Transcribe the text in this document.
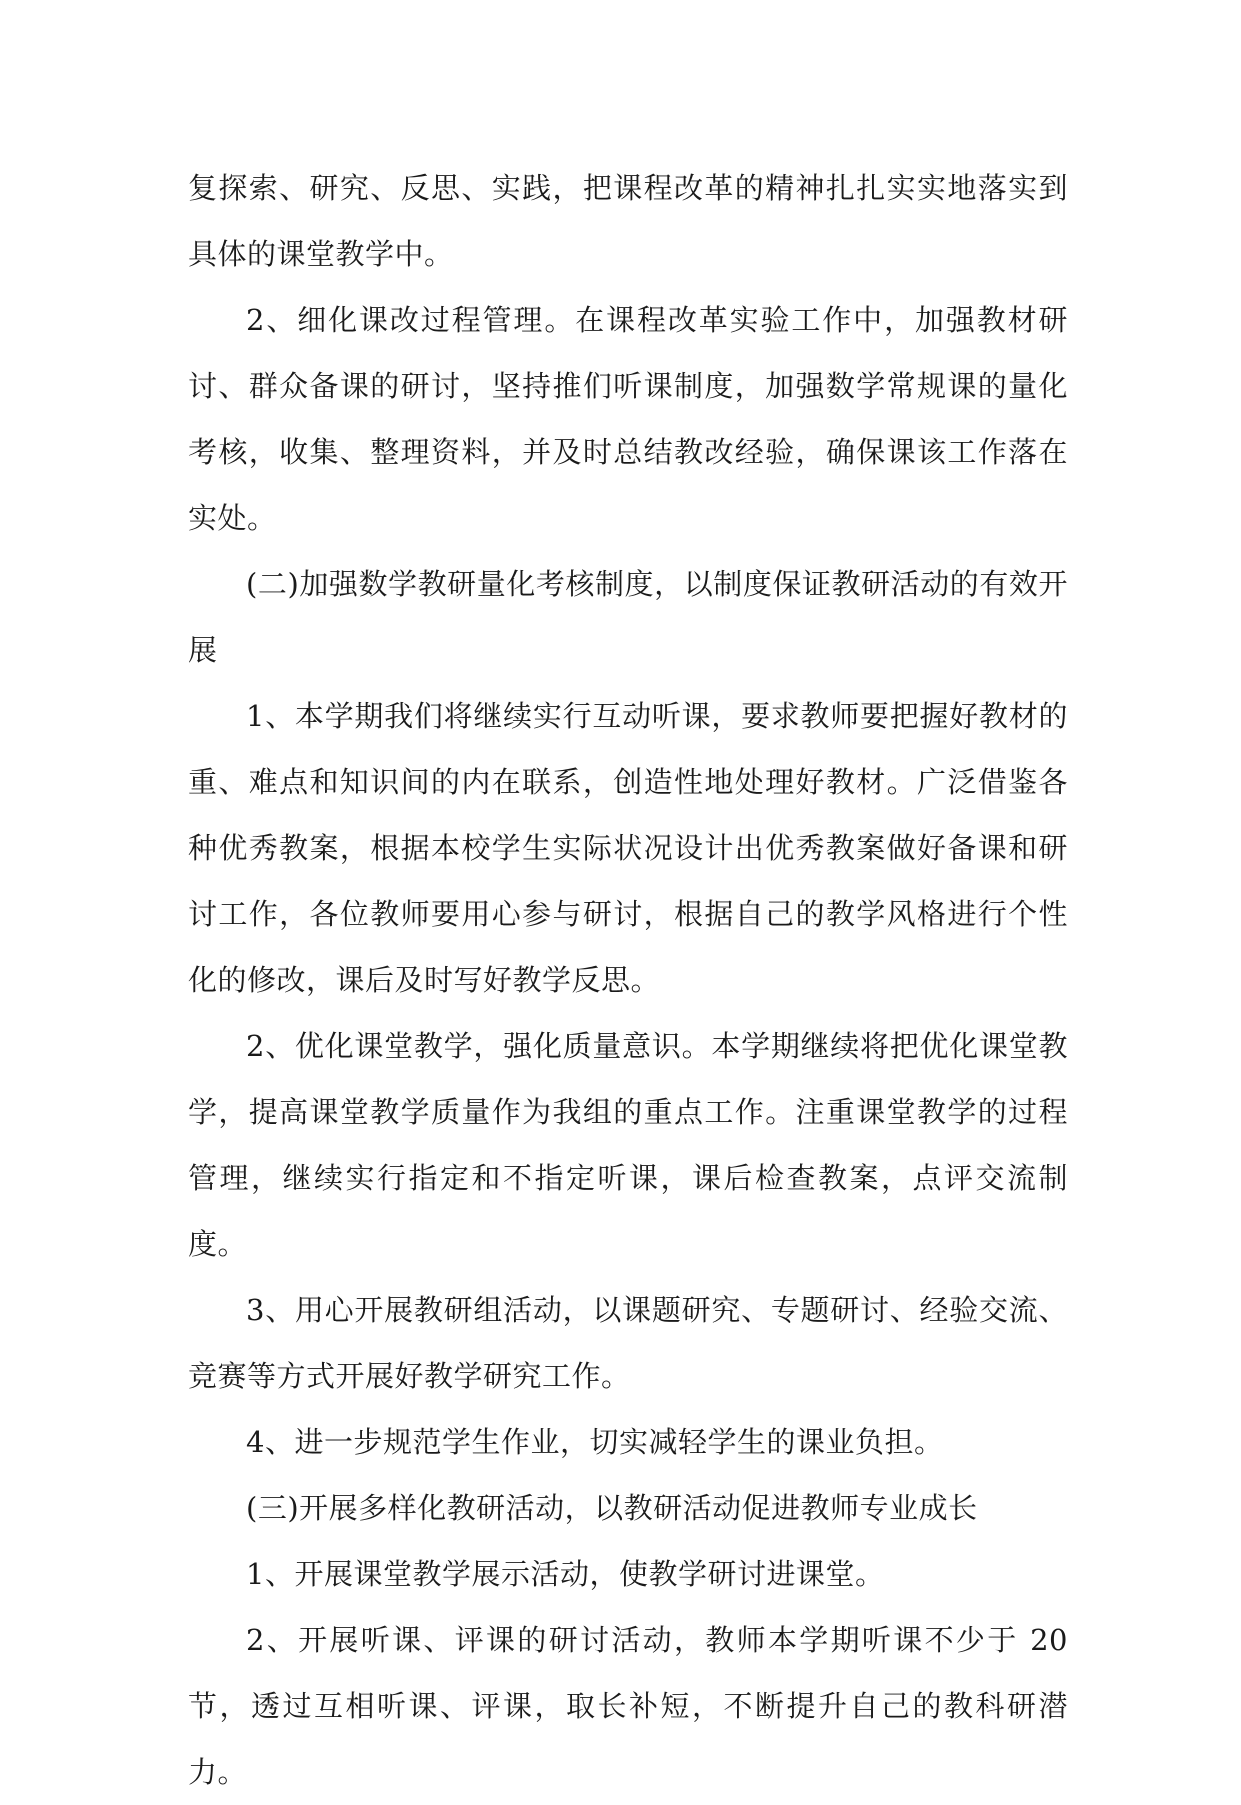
复探索、研究、反思、实践，把课程改革的精神扎扎实实地落实到具体的课堂教学中。

2、细化课改过程管理。在课程改革实验工作中，加强教材研讨、群众备课的研讨，坚持推们听课制度，加强数学常规课的量化考核，收集、整理资料，并及时总结教改经验，确保课该工作落在实处。

(二)加强数学教研量化考核制度，以制度保证教研活动的有效开展

1、本学期我们将继续实行互动听课，要求教师要把握好教材的重、难点和知识间的内在联系，创造性地处理好教材。广泛借鉴各种优秀教案，根据本校学生实际状况设计出优秀教案做好备课和研讨工作，各位教师要用心参与研讨，根据自己的教学风格进行个性化的修改，课后及时写好教学反思。

2、优化课堂教学，强化质量意识。本学期继续将把优化课堂教学，提高课堂教学质量作为我组的重点工作。注重课堂教学的过程管理，继续实行指定和不指定听课，课后检查教案，点评交流制度。

3、用心开展教研组活动，以课题研究、专题研讨、经验交流、竞赛等方式开展好教学研究工作。

4、进一步规范学生作业，切实减轻学生的课业负担。

(三)开展多样化教研活动，以教研活动促进教师专业成长

1、开展课堂教学展示活动，使教学研讨进课堂。

2、开展听课、评课的研讨活动，教师本学期听课不少于 20 节，透过互相听课、评课，取长补短，不断提升自己的教科研潜力。
